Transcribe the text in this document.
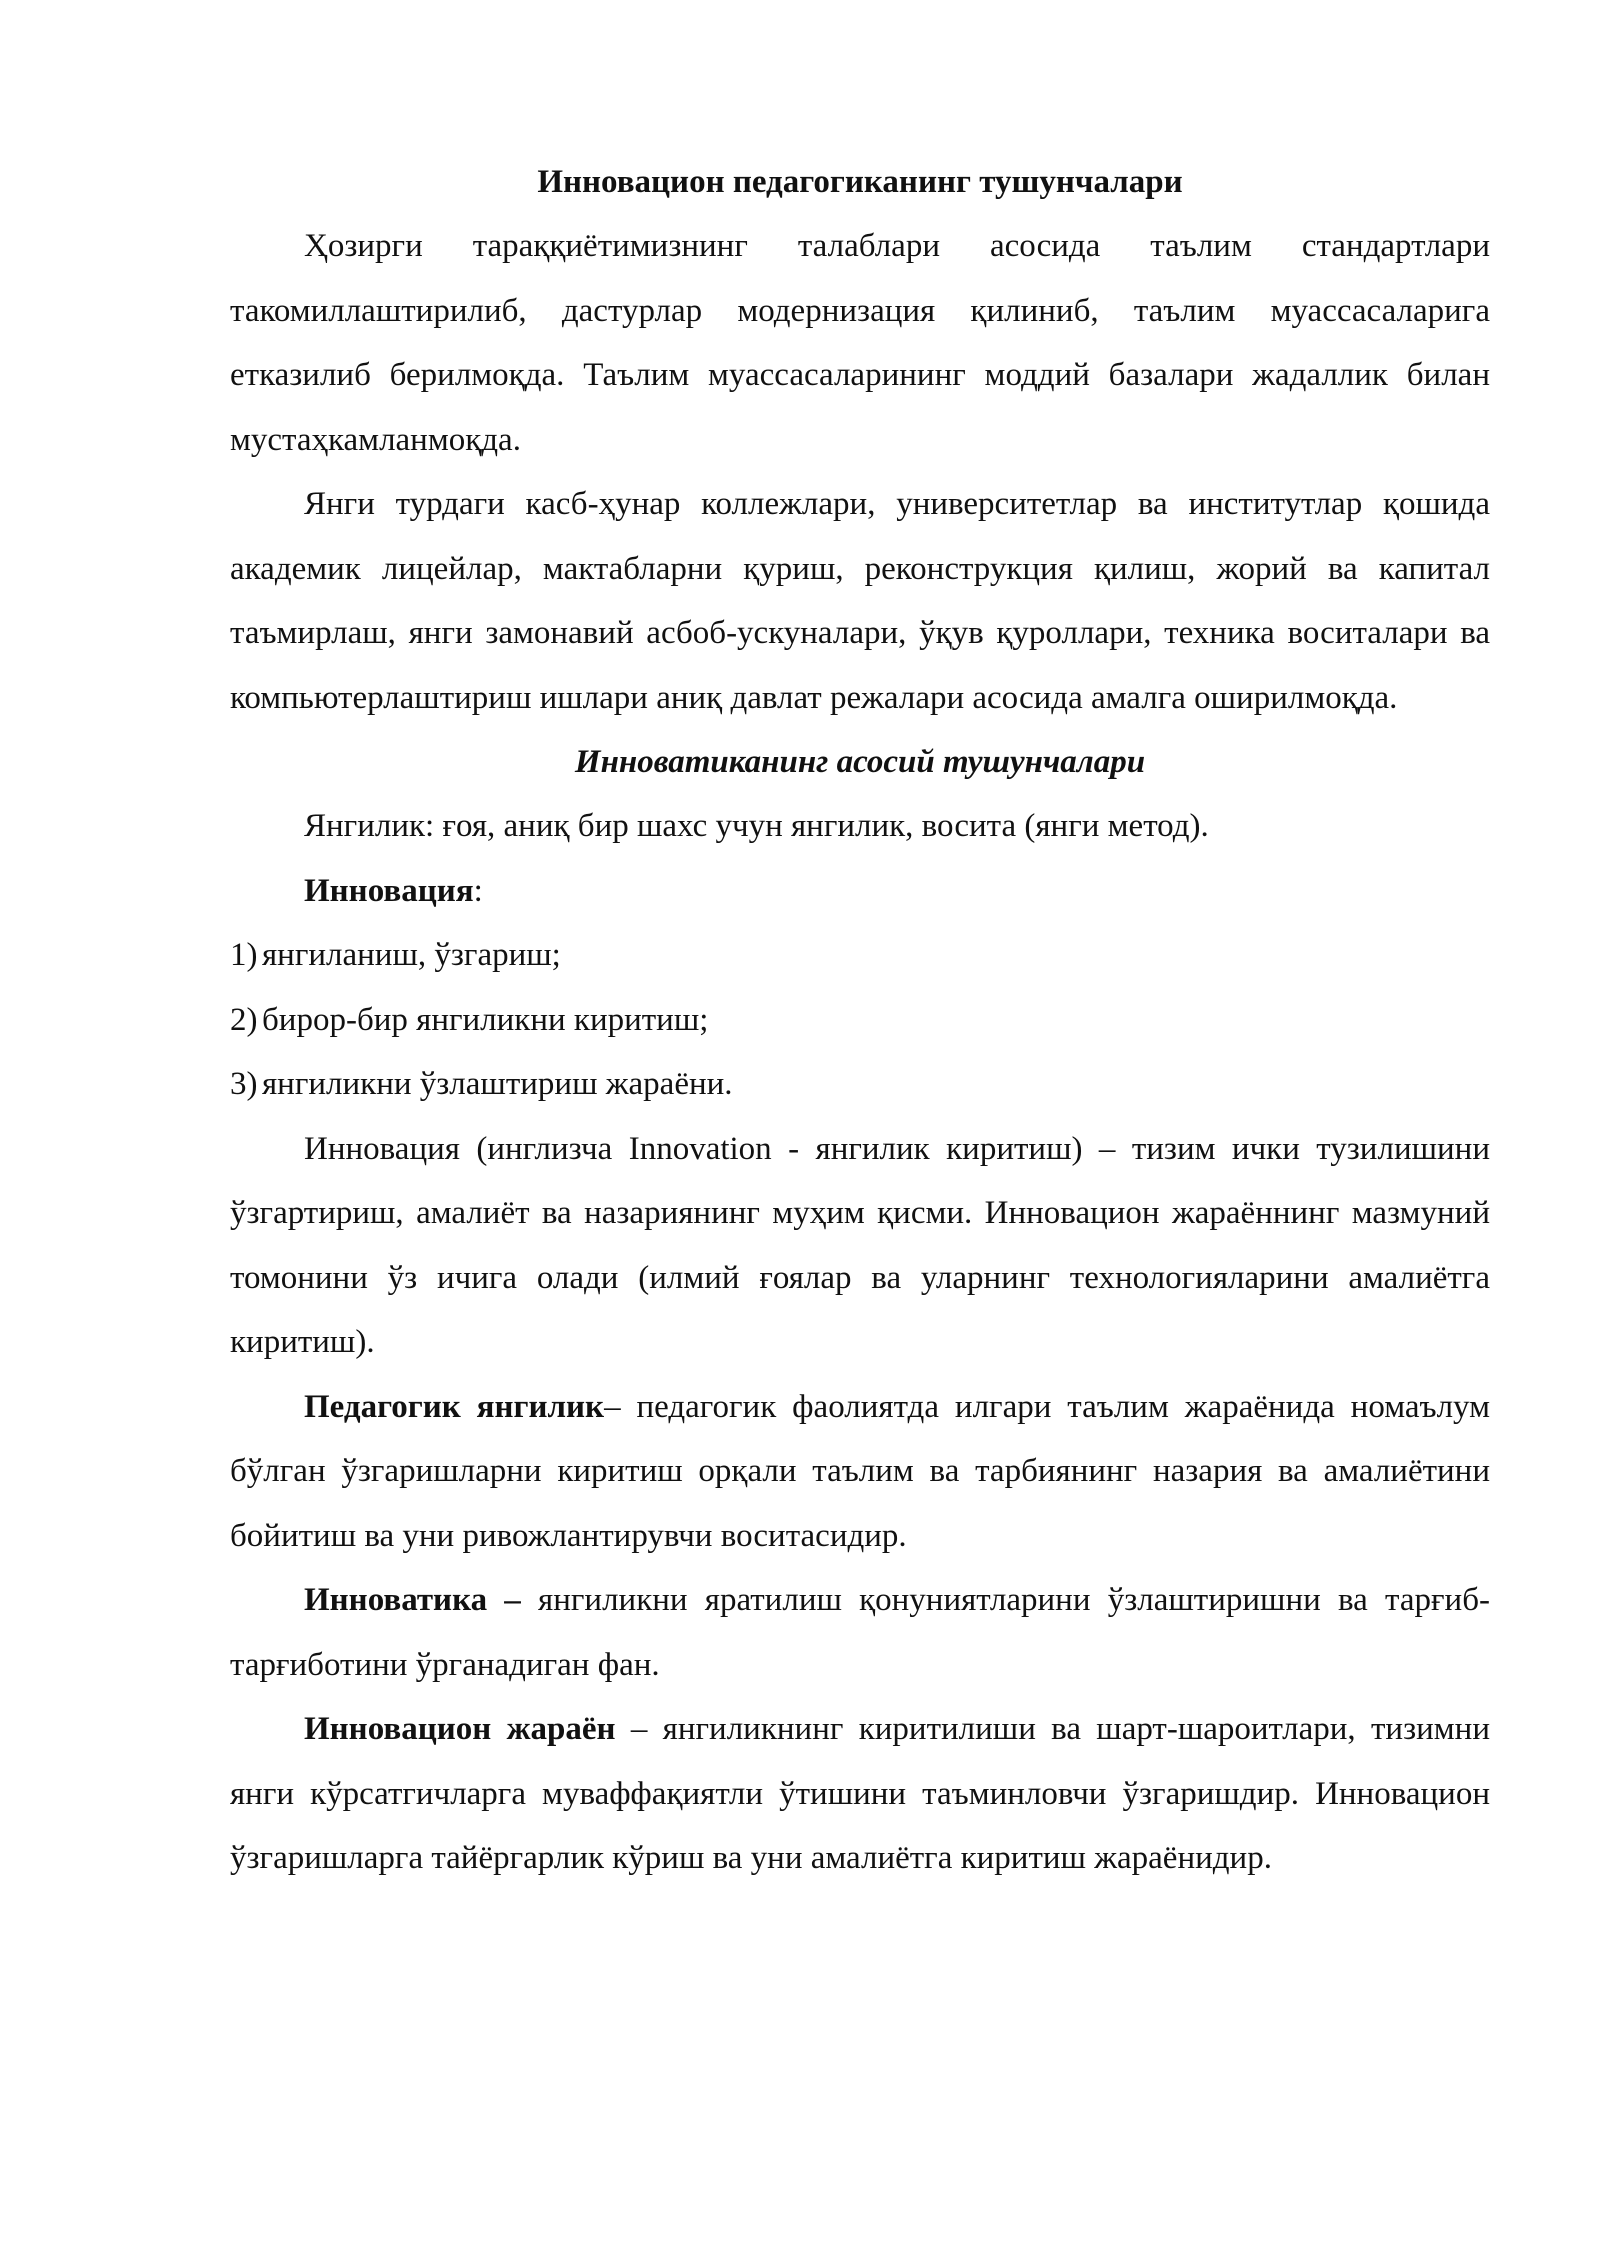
Инновацион педагогиканинг тушунчалари

Ҳозирги тараққиётимизнинг талаблари асосида таълим стандартлари такомиллаштирилиб, дастурлар модернизация қилиниб, таълим муассасаларига етказилиб берилмоқда. Таълим муассасаларининг моддий базалари жадаллик билан мустаҳкамланмоқда.

Янги турдаги касб-ҳунар коллежлари, университетлар ва институтлар қошида академик лицейлар, мактабларни қуриш, реконструкция қилиш, жорий ва капитал таъмирлаш, янги замонавий асбоб-ускуналари, ўқув қуроллари, техника воситалари ва компьютерлаштириш ишлари аниқ давлат режалари асосида амалга оширилмоқда.

Инноватиканинг асосий тушунчалари

Янгилик: ғоя, аниқ бир шахс учун янгилик, восита (янги метод).

Инновация:

1) янгиланиш, ўзгариш;

2) бирор-бир янгиликни киритиш;

3) янгиликни ўзлаштириш жараёни.

Инновация (инглизча Innovation - янгилик киритиш) – тизим ички тузилишини ўзгартириш, амалиёт ва назариянинг муҳим қисми. Инновацион жараённинг мазмуний томонини ўз ичига олади (илмий ғоялар ва уларнинг технологияларини амалиётга киритиш).

Педагогик янгилик– педагогик фаолиятда илгари таълим жараёнида номаълум бўлган ўзгаришларни киритиш орқали таълим ва тарбиянинг назария ва амалиётини бойитиш ва уни ривожлантирувчи воситасидир.

Инноватика – янгиликни яратилиш қонуниятларини ўзлаштиришни ва тарғиб-тарғиботини ўрганадиган фан.

Инновацион жараён – янгиликнинг киритилиши ва шарт-шароитлари, тизимни янги кўрсатгичларга муваффақиятли ўтишини таъминловчи ўзгаришдир. Инновацион ўзгаришларга тайёргарлик кўриш ва уни амалиётга киритиш жараёнидир.
